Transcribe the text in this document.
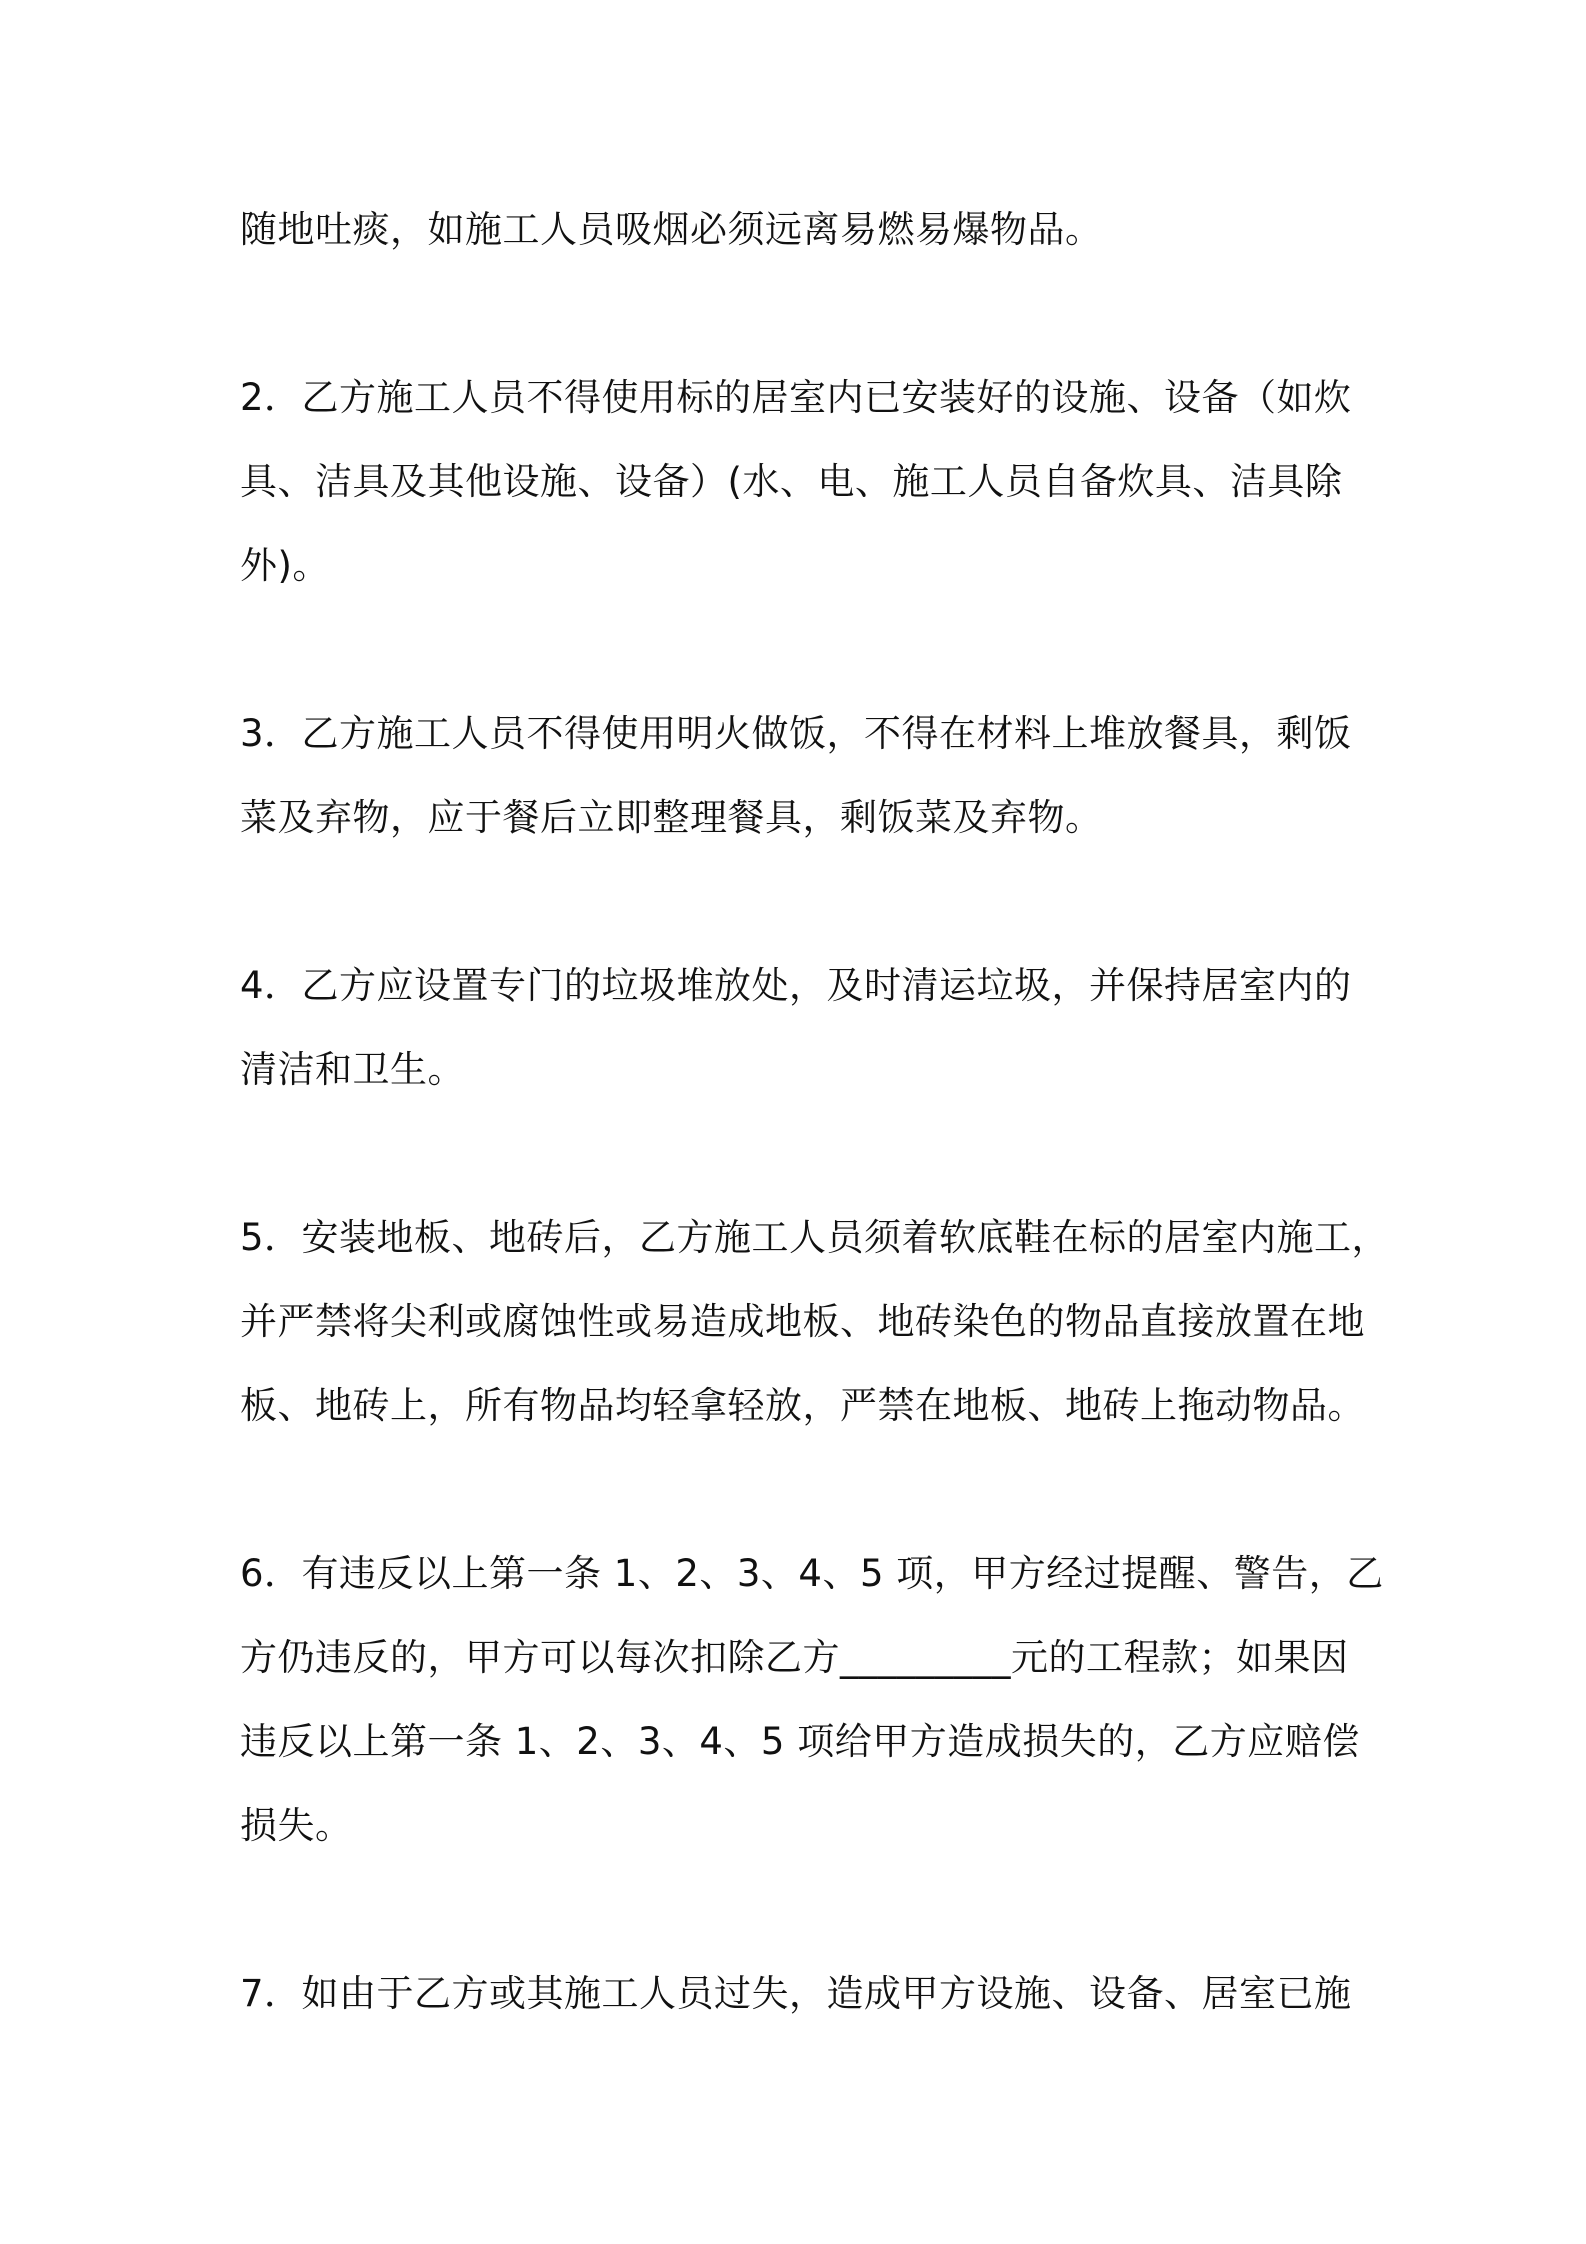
随地吐痰，如施工人员吸烟必须远离易燃易爆物品。
2．乙方施工人员不得使用标的居室内已安装好的设施、设备（如炊
具、洁具及其他设施、设备）(水、电、施工人员自备炊具、洁具除
外)。
3．乙方施工人员不得使用明火做饭，不得在材料上堆放餐具，剩饭
菜及弃物，应于餐后立即整理餐具，剩饭菜及弃物。
4．乙方应设置专门的垃圾堆放处，及时清运垃圾，并保持居室内的
清洁和卫生。
5．安装地板、地砖后，乙方施工人员须着软底鞋在标的居室内施工，
并严禁将尖利或腐蚀性或易造成地板、地砖染色的物品直接放置在地
板、地砖上，所有物品均轻拿轻放，严禁在地板、地砖上拖动物品。
6．有违反以上第一条 1、2、3、4、5 项，甲方经过提醒、警告，乙
方仍违反的，甲方可以每次扣除乙方_________元的工程款；如果因
违反以上第一条 1、2、3、4、5 项给甲方造成损失的，乙方应赔偿
损失。
7．如由于乙方或其施工人员过失，造成甲方设施、设备、居室已施
